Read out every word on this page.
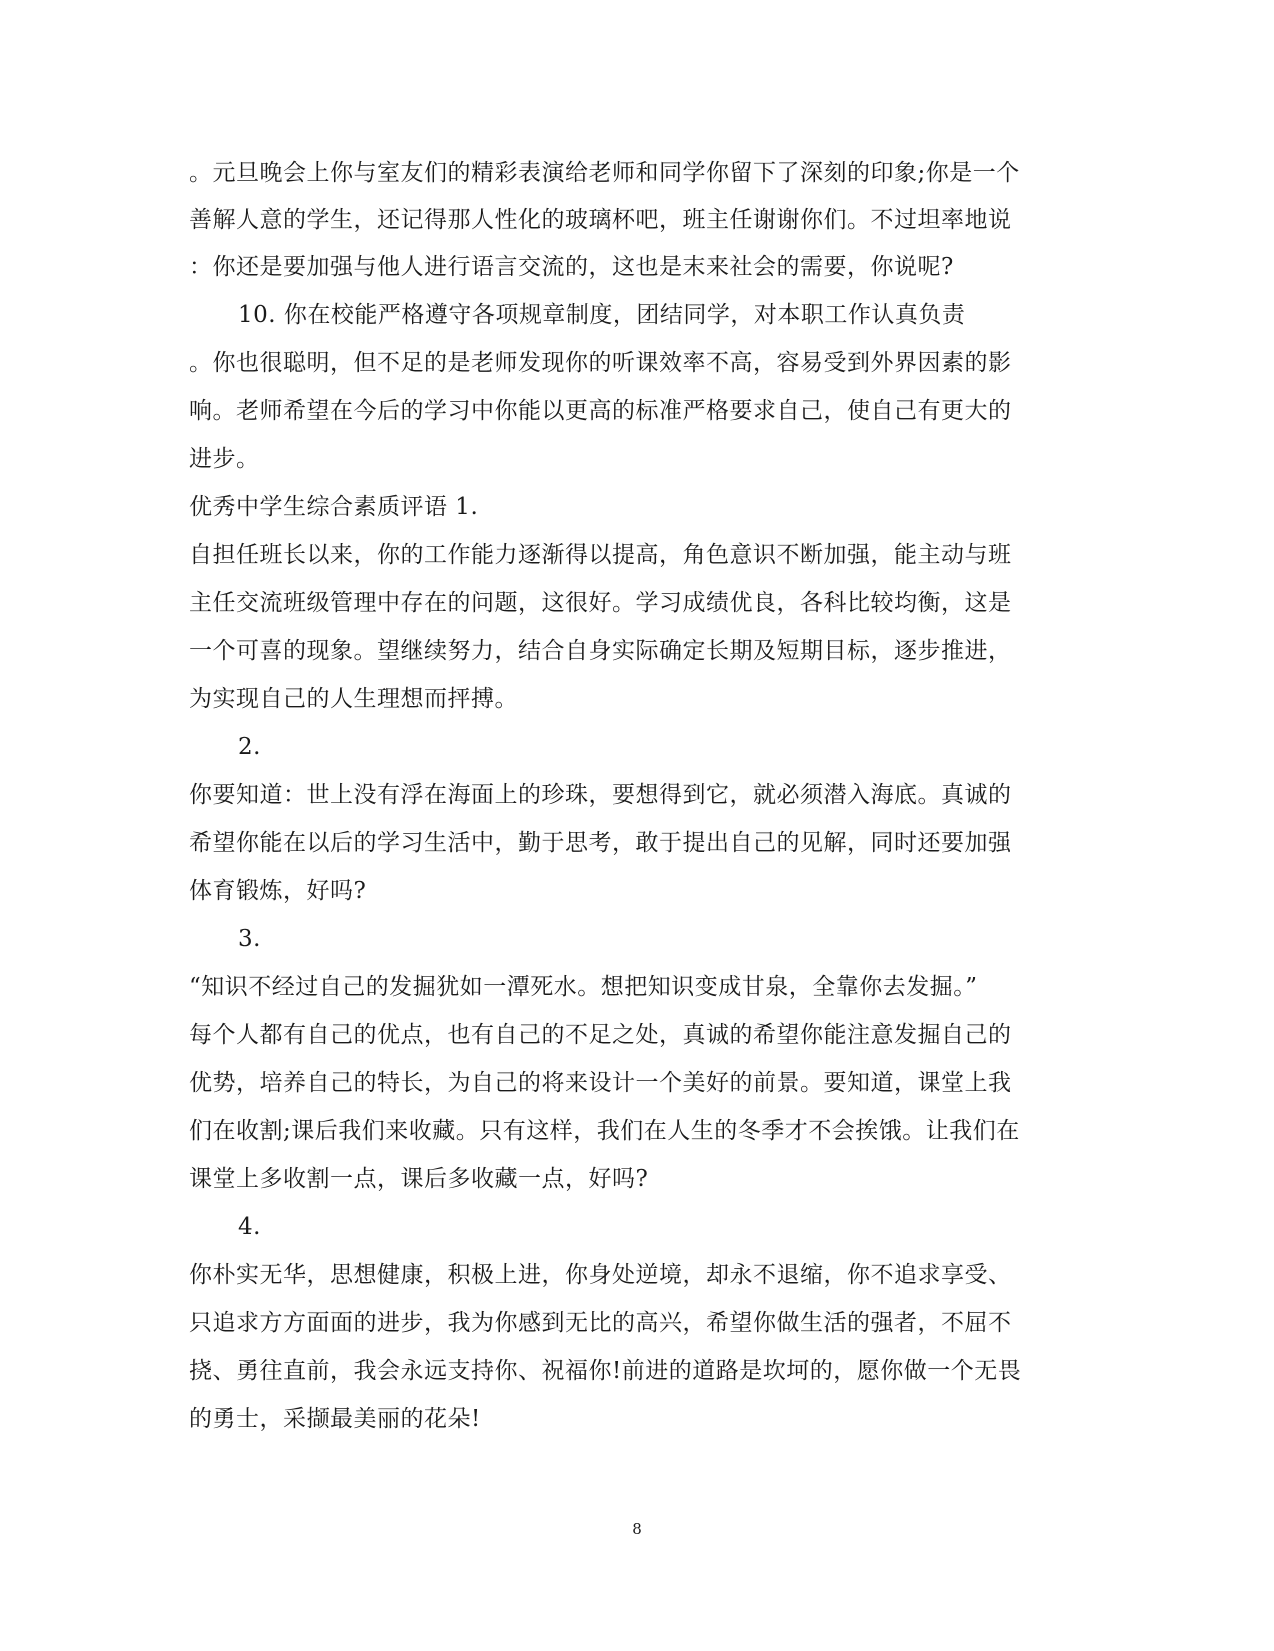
。元旦晚会上你与室友们的精彩表演给老师和同学你留下了深刻的印象;你是一个
善解人意的学生，还记得那人性化的玻璃杯吧，班主任谢谢你们。不过坦率地说
：你还是要加强与他人进行语言交流的，这也是末来社会的需要，你说呢?
10. 你在校能严格遵守各项规章制度，团结同学，对本职工作认真负责
。你也很聪明，但不足的是老师发现你的听课效率不高，容易受到外界因素的影
响。老师希望在今后的学习中你能以更高的标准严格要求自己，使自己有更大的
进步。
优秀中学生综合素质评语 1.
自担任班长以来，你的工作能力逐渐得以提高，角色意识不断加强，能主动与班
主任交流班级管理中存在的问题，这很好。学习成绩优良，各科比较均衡，这是
一个可喜的现象。望继续努力，结合自身实际确定长期及短期目标，逐步推进，
为实现自己的人生理想而抨搏。
2.
你要知道：世上没有浮在海面上的珍珠，要想得到它，就必须潜入海底。真诚的
希望你能在以后的学习生活中，勤于思考，敢于提出自己的见解，同时还要加强
体育锻炼，好吗?
3.
“知识不经过自己的发掘犹如一潭死水。想把知识变成甘泉，全靠你去发掘。”
每个人都有自己的优点，也有自己的不足之处，真诚的希望你能注意发掘自己的
优势，培养自己的特长，为自己的将来设计一个美好的前景。要知道，课堂上我
们在收割;课后我们来收藏。只有这样，我们在人生的冬季才不会挨饿。让我们在
课堂上多收割一点，课后多收藏一点，好吗?
4.
你朴实无华，思想健康，积极上进，你身处逆境，却永不退缩，你不追求享受、
只追求方方面面的进步，我为你感到无比的高兴，希望你做生活的强者，不屈不
挠、勇往直前，我会永远支持你、祝福你!前进的道路是坎坷的，愿你做一个无畏
的勇士，采撷最美丽的花朵!
8
